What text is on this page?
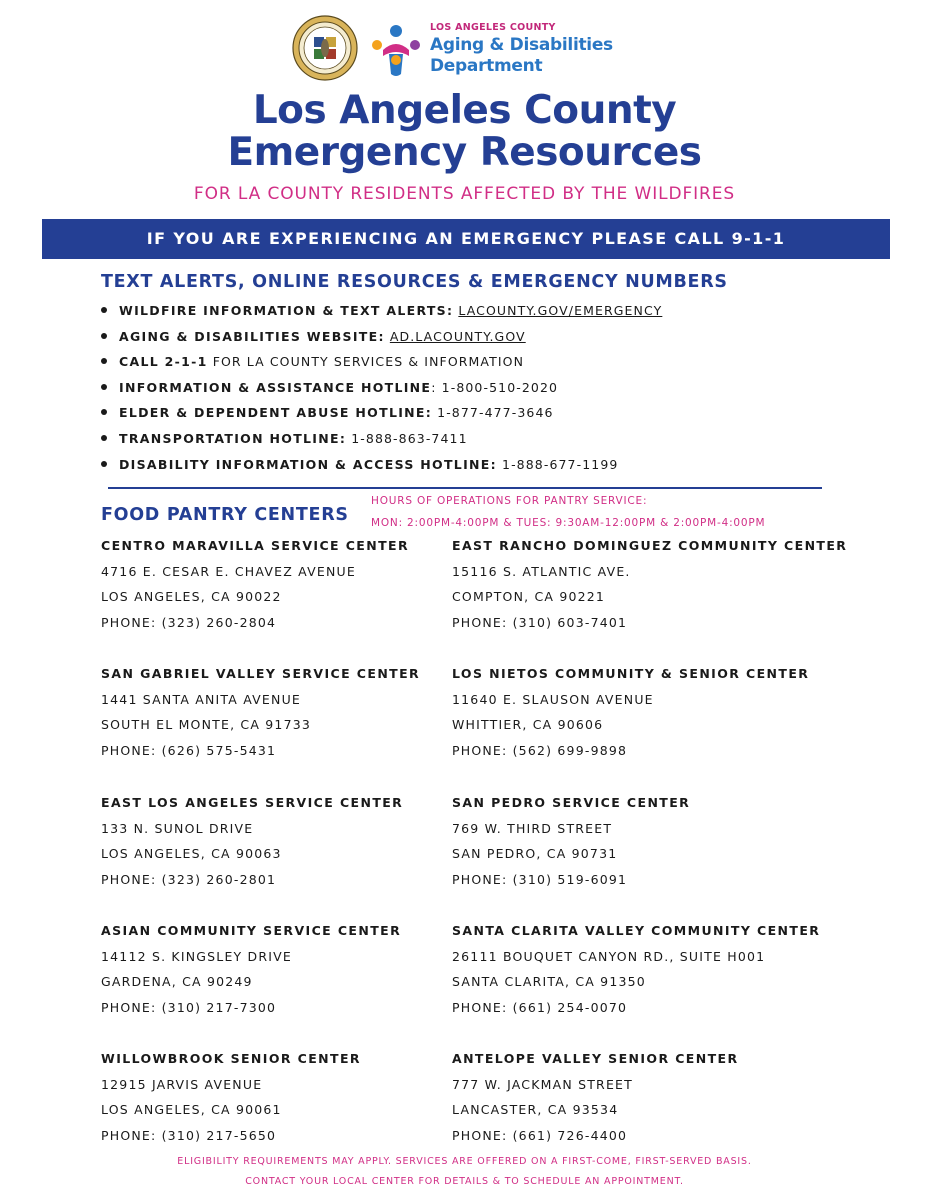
LOS ANGELES COUNTY
Aging & Disabilities
Department
Los Angeles County
Emergency Resources
FOR LA COUNTY RESIDENTS AFFECTED BY THE WILDFIRES
IF YOU ARE EXPERIENCING AN EMERGENCY PLEASE CALL 9-1-1
TEXT ALERTS, ONLINE RESOURCES & EMERGENCY NUMBERS
WILDFIRE INFORMATION & TEXT ALERTS: LACOUNTY.GOV/EMERGENCY
AGING & DISABILITIES WEBSITE: AD.LACOUNTY.GOV
CALL 2-1-1 FOR LA COUNTY SERVICES & INFORMATION
INFORMATION & ASSISTANCE HOTLINE: 1-800-510-2020
ELDER & DEPENDENT ABUSE HOTLINE: 1-877-477-3646
TRANSPORTATION HOTLINE: 1-888-863-7411
DISABILITY INFORMATION & ACCESS HOTLINE: 1-888-677-1199
FOOD PANTRY CENTERS
HOURS OF OPERATIONS FOR PANTRY SERVICE:
MON: 2:00PM-4:00PM & TUES: 9:30AM-12:00PM & 2:00PM-4:00PM
CENTRO MARAVILLA SERVICE CENTER
4716 E. CESAR E. CHAVEZ AVENUE
LOS ANGELES, CA 90022
PHONE: (323) 260-2804
SAN GABRIEL VALLEY SERVICE CENTER
1441 SANTA ANITA AVENUE
SOUTH EL MONTE, CA 91733
PHONE: (626) 575-5431
EAST LOS ANGELES SERVICE CENTER
133 N. SUNOL DRIVE
LOS ANGELES, CA 90063
PHONE: (323) 260-2801
ASIAN COMMUNITY SERVICE CENTER
14112 S. KINGSLEY DRIVE
GARDENA, CA 90249
PHONE: (310) 217-7300
WILLOWBROOK SENIOR CENTER
12915 JARVIS AVENUE
LOS ANGELES, CA 90061
PHONE: (310) 217-5650
EAST RANCHO DOMINGUEZ COMMUNITY CENTER
15116 S. ATLANTIC AVE.
COMPTON, CA 90221
PHONE: (310) 603-7401
LOS NIETOS COMMUNITY & SENIOR CENTER
11640 E. SLAUSON AVENUE
WHITTIER, CA 90606
PHONE: (562) 699-9898
SAN PEDRO SERVICE CENTER
769 W. THIRD STREET
SAN PEDRO, CA 90731
PHONE: (310) 519-6091
SANTA CLARITA VALLEY COMMUNITY CENTER
26111 BOUQUET CANYON RD., SUITE H001
SANTA CLARITA, CA 91350
PHONE: (661) 254-0070
ANTELOPE VALLEY SENIOR CENTER
777 W. JACKMAN STREET
LANCASTER, CA 93534
PHONE: (661) 726-4400
ELIGIBILITY REQUIREMENTS MAY APPLY. SERVICES ARE OFFERED ON A FIRST-COME, FIRST-SERVED BASIS.
CONTACT YOUR LOCAL CENTER FOR DETAILS & TO SCHEDULE AN APPOINTMENT.
